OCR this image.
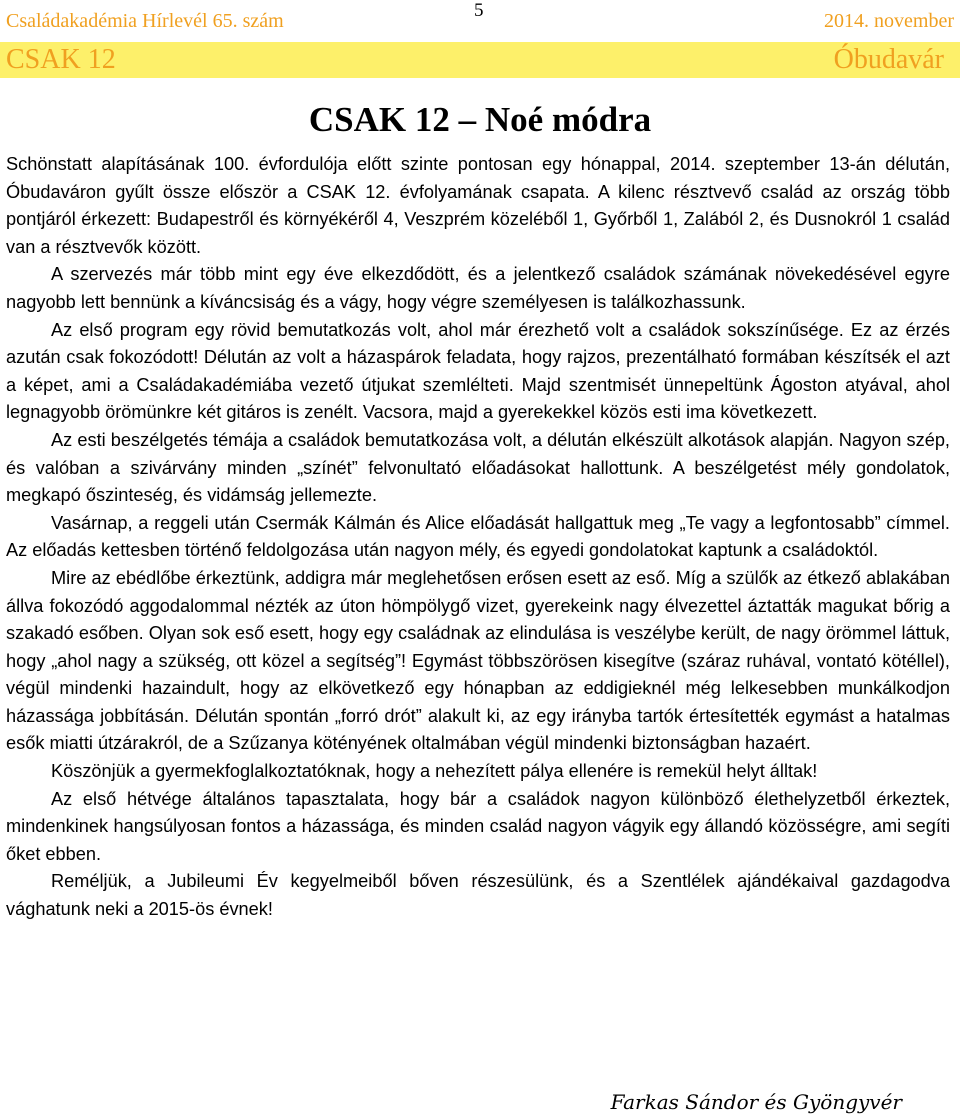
Családakadémia Hírlevél 65. szám	5	2014. november
CSAK 12	Óbudavár
CSAK 12 – Noé módra

Schönstatt alapításának 100. évfordulója előtt szinte pontosan egy hónappal, 2014. szeptember 13-án délután, Óbudaváron gyűlt össze először a CSAK 12. évfolyamának csapata. A kilenc résztvevő család az ország több pontjáról érkezett: Budapestről és környékéről 4, Veszprém közeléből 1, Győrből 1, Zalából 2, és Dusnokról 1 család van a résztvevők között.

A szervezés már több mint egy éve elkezdődött, és a jelentkező családok számának növekedésével egyre nagyobb lett bennünk a kíváncsiság és a vágy, hogy végre személyesen is találkozhassunk.

Az első program egy rövid bemutatkozás volt, ahol már érezhető volt a családok sokszínűsége. Ez az érzés azután csak fokozódott! Délután az volt a házaspárok feladata, hogy rajzos, prezentálható formában készítsék el azt a képet, ami a Családakadémiába vezető útjukat szemlélteti. Majd szentmisét ünnepeltünk Ágoston atyával, ahol legnagyobb örömünkre két gitáros is zenélt. Vacsora, majd a gyerekekkel közös esti ima következett.

Az esti beszélgetés témája a családok bemutatkozása volt, a délután elkészült alkotások alapján. Nagyon szép, és valóban a szivárvány minden „színét” felvonultató előadásokat hallottunk. A beszélgetést mély gondolatok, megkapó őszinteség, és vidámság jellemezte.

Vasárnap, a reggeli után Csermák Kálmán és Alice előadását hallgattuk meg „Te vagy a legfontosabb” címmel. Az előadás kettesben történő feldolgozása után nagyon mély, és egyedi gondolatokat kaptunk a családoktól.

Mire az ebédlőbe érkeztünk, addigra már meglehetősen erősen esett az eső. Míg a szülők az étkező ablakában állva fokozódó aggodalommal nézték az úton hömpölygő vizet, gyerekeink nagy élvezettel áztatták magukat bőrig a szakadó esőben. Olyan sok eső esett, hogy egy családnak az elindulása is veszélybe került, de nagy örömmel láttuk, hogy „ahol nagy a szükség, ott közel a segítség”! Egymást többszörösen kisegítve (száraz ruhával, vontató kötéllel), végül mindenki hazaindult, hogy az elkövetkező egy hónapban az eddigieknél még lelkesebben munkálkodjon házassága jobbításán. Délután spontán „forró drót” alakult ki, az egy irányba tartók értesítették egymást a hatalmas esők miatti útzárakról, de a Szűzanya kötényének oltalmában végül mindenki biztonságban hazaért.

Köszönjük a gyermekfoglalkoztatóknak, hogy a nehezített pálya ellenére is remekül helyt álltak!

Az első hétvége általános tapasztalata, hogy bár a családok nagyon különböző élethelyzetből érkeztek, mindenkinek hangsúlyosan fontos a házassága, és minden család nagyon vágyik egy állandó közösségre, ami segíti őket ebben.

Reméljük, a Jubileumi Év kegyelmeiből bőven részesülünk, és a Szentlélek ajándékaival gazdagodva vághatunk neki a 2015-ös évnek!

Farkas Sándor és Gyöngyvér
